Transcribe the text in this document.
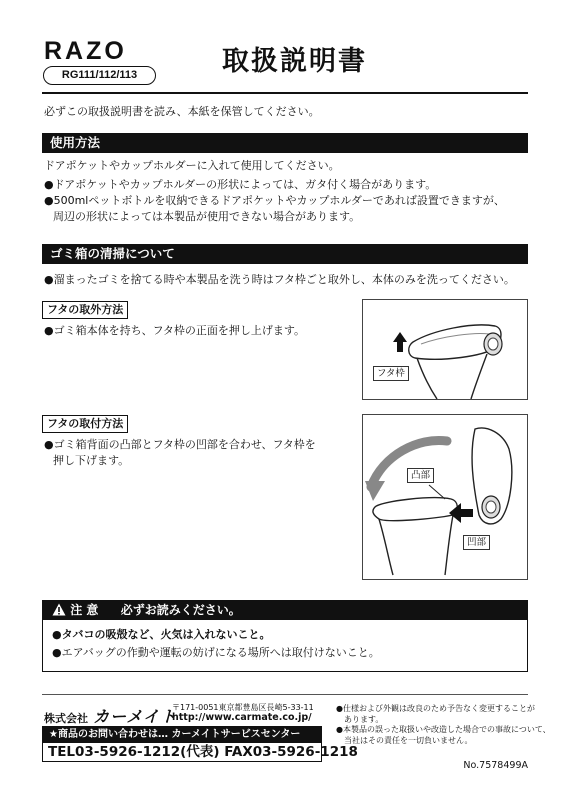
RAZO
RG111/112/113	取扱説明書
必ずこの取扱説明書を読み、本紙を保管してください。
使用方法
ドアポケットやカップホルダーに入れて使用してください。
●ドアポケットやカップホルダーの形状によっては、ガタ付く場合があります。
●500mlペットボトルを収納できるドアポケットやカップホルダーであれば設置できますが、
周辺の形状によっては本製品が使用できない場合があります。
ゴミ箱の清掃について
●溜まったゴミを捨てる時や本製品を洗う時はフタ枠ごと取外し、本体のみを洗ってください。
フタの取外方法
●ゴミ箱本体を持ち、フタ枠の正面を押し上げます。
フタ枠
フタの取付方法
●ゴミ箱背面の凸部とフタ枠の凹部を合わせ、フタ枠を
押し下げます。
凸部
凹部
注 意 必ずお読みください。
●タバコの吸殻など、火気は入れないこと。
●エアバッグの作動や運転の妨げになる場所へは取付けないこと。
株式会社 カーメイト
〒171-0051東京都豊島区長崎5-33-11
http://www.carmate.co.jp/
★商品のお問い合わせは… カーメイトサービスセンター
TEL03-5926-1212(代表) FAX03-5926-1218
●仕様および外観は改良のため予告なく変更することが
あります。
●本製品の誤った取扱いや改造した場合での事故について、
当社はその責任を一切負いません。
No.7578499A
